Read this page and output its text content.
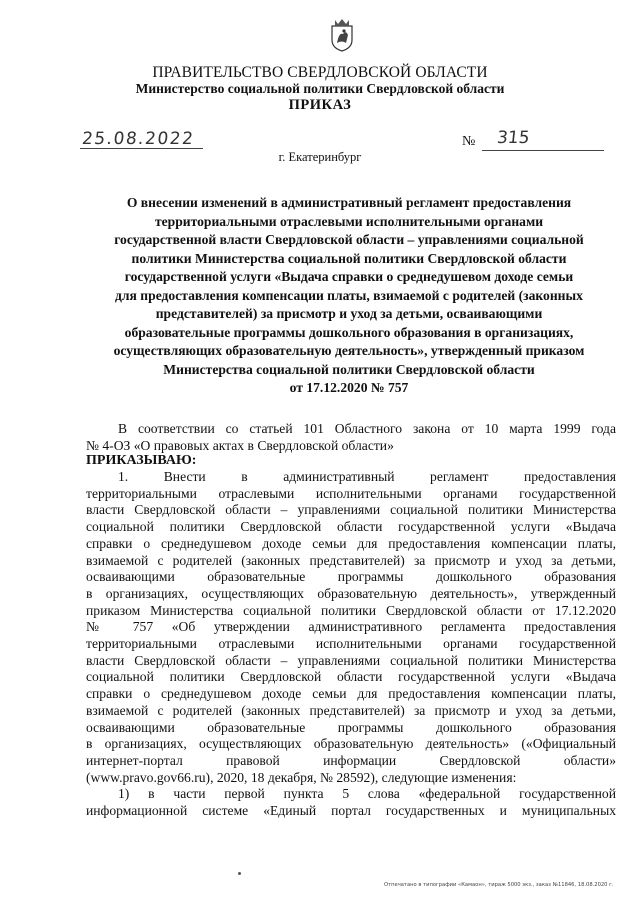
ПРАВИТЕЛЬСТВО СВЕРДЛОВСКОЙ ОБЛАСТИ
Министерство социальной политики Свердловской области
ПРИКАЗ
25.08.2022	№ 315
г. Екатеринбург
О внесении изменений в административный регламент предоставления
территориальными отраслевыми исполнительными органами
государственной власти Свердловской области – управлениями социальной
политики Министерства социальной политики Свердловской области
государственной услуги «Выдача справки о среднедушевом доходе семьи
для предоставления компенсации платы, взимаемой с родителей (законных
представителей) за присмотр и уход за детьми, осваивающими
образовательные программы дошкольного образования в организациях,
осуществляющих образовательную деятельность», утвержденный приказом
Министерства социальной политики Свердловской области
от 17.12.2020 № 757
В соответствии со статьей 101 Областного закона от 10 марта 1999 года
№ 4-ОЗ «О правовых актах в Свердловской области»
ПРИКАЗЫВАЮ:
1. Внести в административный регламент предоставления
территориальными отраслевыми исполнительными органами государственной
власти Свердловской области – управлениями социальной политики Министерства
социальной политики Свердловской области государственной услуги «Выдача
справки о среднедушевом доходе семьи для предоставления компенсации платы,
взимаемой с родителей (законных представителей) за присмотр и уход за детьми,
осваивающими образовательные программы дошкольного образования
в организациях, осуществляющих образовательную деятельность», утвержденный
приказом Министерства социальной политики Свердловской области от 17.12.2020
№ 757 «Об утверждении административного регламента предоставления
территориальными отраслевыми исполнительными органами государственной
власти Свердловской области – управлениями социальной политики Министерства
социальной политики Свердловской области государственной услуги «Выдача
справки о среднедушевом доходе семьи для предоставления компенсации платы,
взимаемой с родителей (законных представителей) за присмотр и уход за детьми,
осваивающими образовательные программы дошкольного образования
в организациях, осуществляющих образовательную деятельность» («Официальный
интернет-портал правовой информации Свердловской области»
(www.pravo.gov66.ru), 2020, 18 декабря, № 28592), следующие изменения:
1) в части первой пункта 5 слова «федеральной государственной
информационной системе «Единый портал государственных и муниципальных
Отпечатано в типографии «Камаон», тираж 5000 экз., заказ №11846, 18.08.2020 г.
